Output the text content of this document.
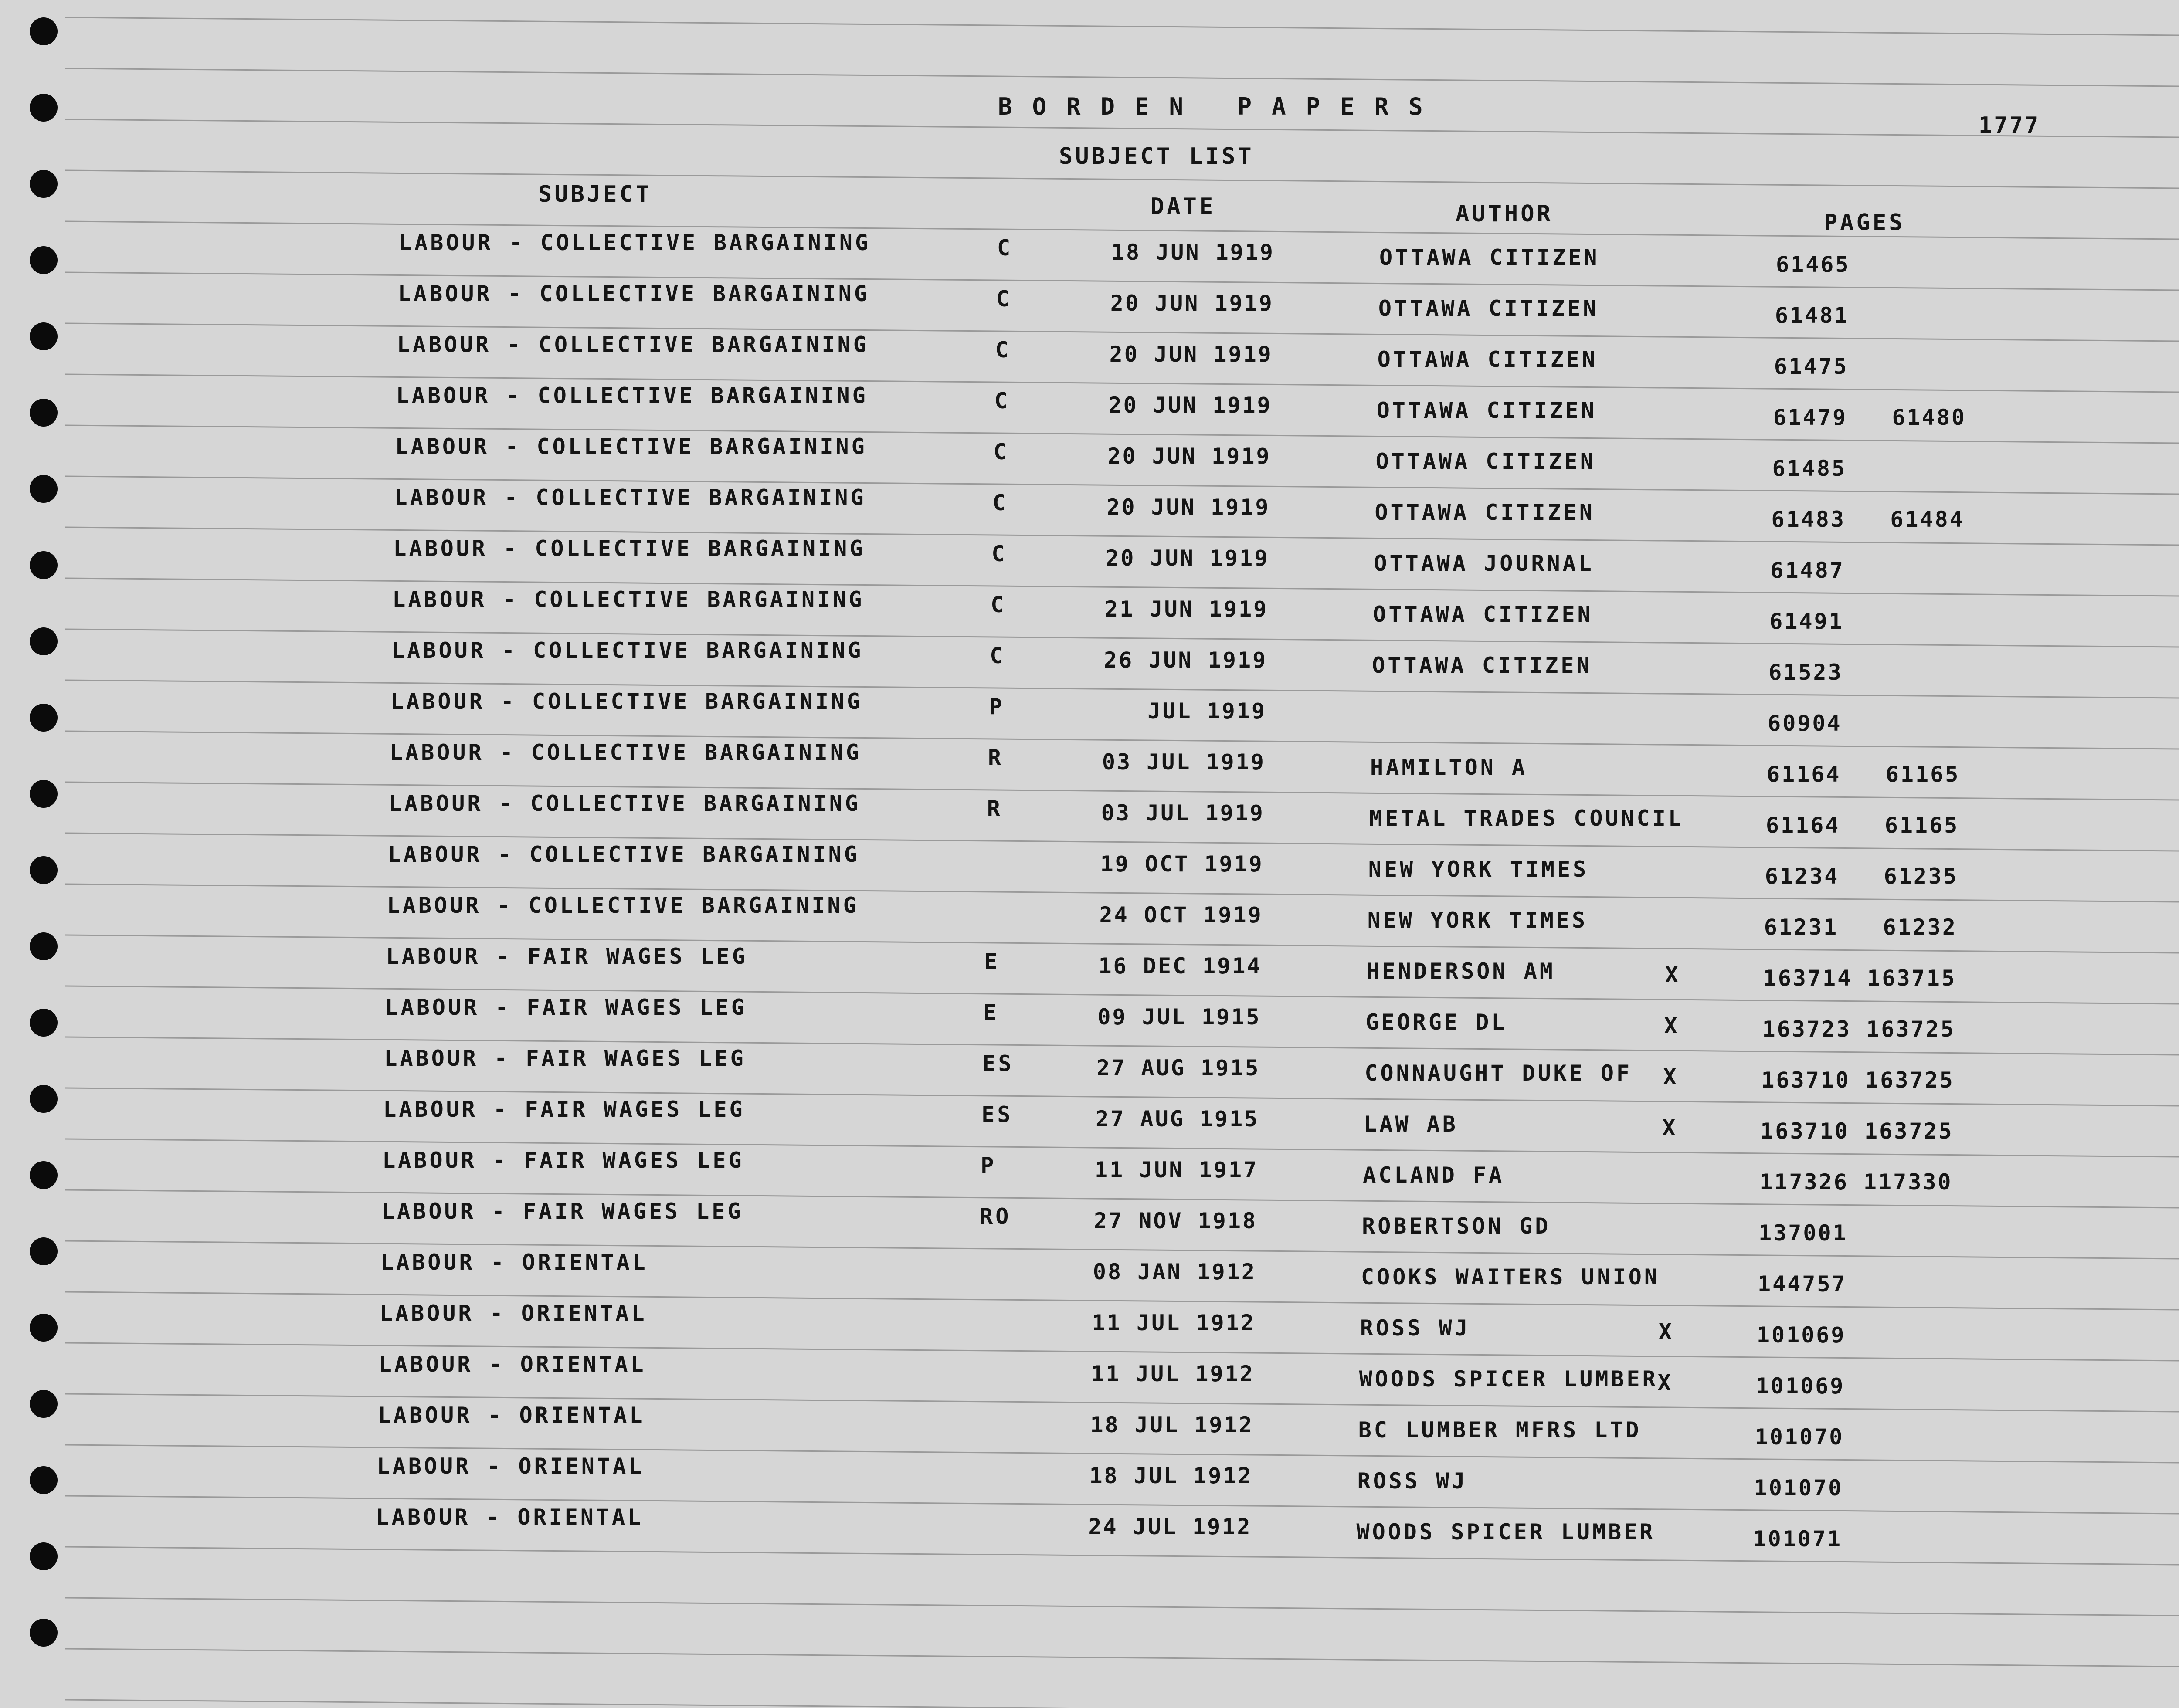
BORDEN PAPERS
1777
SUBJECT LIST
SUBJECT	DATE	AUTHOR	PAGES
LABOUR - COLLECTIVE BARGAINING	C	18 JUN 1919	OTTAWA CITIZEN	61465
LABOUR - COLLECTIVE BARGAINING	C	20 JUN 1919	OTTAWA CITIZEN	61481
LABOUR - COLLECTIVE BARGAINING	C	20 JUN 1919	OTTAWA CITIZEN	61475
LABOUR - COLLECTIVE BARGAINING	C	20 JUN 1919	OTTAWA CITIZEN	61479   61480
LABOUR - COLLECTIVE BARGAINING	C	20 JUN 1919	OTTAWA CITIZEN	61485
LABOUR - COLLECTIVE BARGAINING	C	20 JUN 1919	OTTAWA CITIZEN	61483   61484
LABOUR - COLLECTIVE BARGAINING	C	20 JUN 1919	OTTAWA JOURNAL	61487
LABOUR - COLLECTIVE BARGAINING	C	21 JUN 1919	OTTAWA CITIZEN	61491
LABOUR - COLLECTIVE BARGAINING	C	26 JUN 1919	OTTAWA CITIZEN	61523
LABOUR - COLLECTIVE BARGAINING	P	JUL 1919	60904
LABOUR - COLLECTIVE BARGAINING	R	03 JUL 1919	HAMILTON A	61164   61165
LABOUR - COLLECTIVE BARGAINING	R	03 JUL 1919	METAL TRADES COUNCIL	61164   61165
LABOUR - COLLECTIVE BARGAINING	19 OCT 1919	NEW YORK TIMES	61234   61235
LABOUR - COLLECTIVE BARGAINING	24 OCT 1919	NEW YORK TIMES	61231   61232
LABOUR - FAIR WAGES LEG	E	16 DEC 1914	HENDERSON AM	X	163714 163715
LABOUR - FAIR WAGES LEG	E	09 JUL 1915	GEORGE DL	X	163723 163725
LABOUR - FAIR WAGES LEG	ES	27 AUG 1915	CONNAUGHT DUKE OF X	163710 163725
LABOUR - FAIR WAGES LEG	ES	27 AUG 1915	LAW AB	X	163710 163725
LABOUR - FAIR WAGES LEG	P	11 JUN 1917	ACLAND FA	117326 117330
LABOUR - FAIR WAGES LEG	RO	27 NOV 1918	ROBERTSON GD	137001
LABOUR - ORIENTAL	08 JAN 1912	COOKS WAITERS UNION	144757
LABOUR - ORIENTAL	11 JUL 1912	ROSS WJ	X	101069
LABOUR - ORIENTAL	11 JUL 1912	WOODS SPICER LUMBER X	101069
LABOUR - ORIENTAL	18 JUL 1912	BC LUMBER MFRS LTD	101070
LABOUR - ORIENTAL	18 JUL 1912	ROSS WJ	101070
LABOUR - ORIENTAL	24 JUL 1912	WOODS SPICER LUMBER	101071
